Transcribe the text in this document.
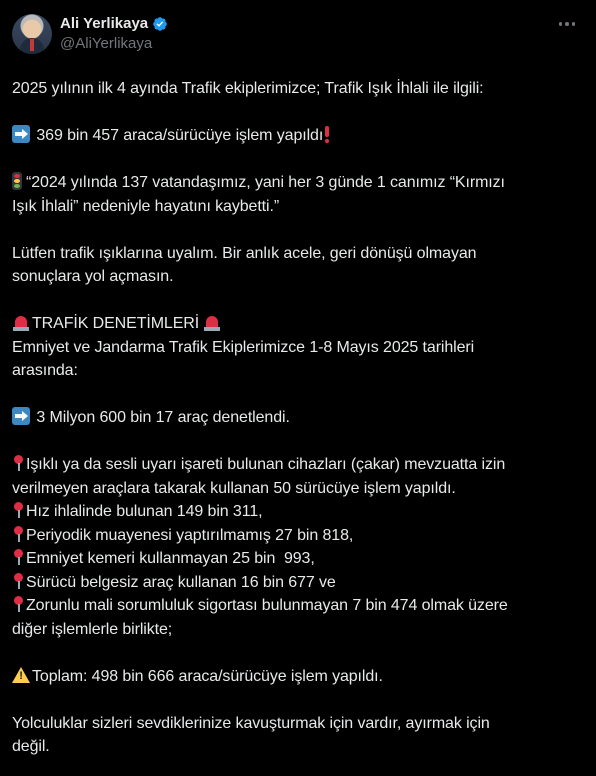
Ali Yerlikaya
@AliYerlikaya

2025 yılının ilk 4 ayında Trafik ekiplerimizce; Trafik Işık İhlali ile ilgili:

369 bin 457 araca/sürücüye işlem yapıldı

“2024 yılında 137 vatandaşımız, yani her 3 günde 1 canımız “Kırmızı

Işık İhlali” nedeniyle hayatını kaybetti.”

Lütfen trafik ışıklarına uyalım. Bir anlık acele, geri dönüşü olmayan

sonuçlara yol açmasın.

TRAFİK DENETİMLERİ

Emniyet ve Jandarma Trafik Ekiplerimizce 1-8 Mayıs 2025 tarihleri

arasında:

3 Milyon 600 bin 17 araç denetlendi.

Işıklı ya da sesli uyarı işareti bulunan cihazları (çakar) mevzuatta izin

verilmeyen araçlara takarak kullanan 50 sürücüye işlem yapıldı.

Hız ihlalinde bulunan 149 bin 311,

Periyodik muayenesi yaptırılmamış 27 bin 818,

Emniyet kemeri kullanmayan 25 bin  993,

Sürücü belgesiz araç kullanan 16 bin 677 ve

Zorunlu mali sorumluluk sigortası bulunmayan 7 bin 474 olmak üzere

diğer işlemlerle birlikte;

!Toplam: 498 bin 666 araca/sürücüye işlem yapıldı.

Yolculuklar sizleri sevdiklerinize kavuşturmak için vardır, ayırmak için

değil.
